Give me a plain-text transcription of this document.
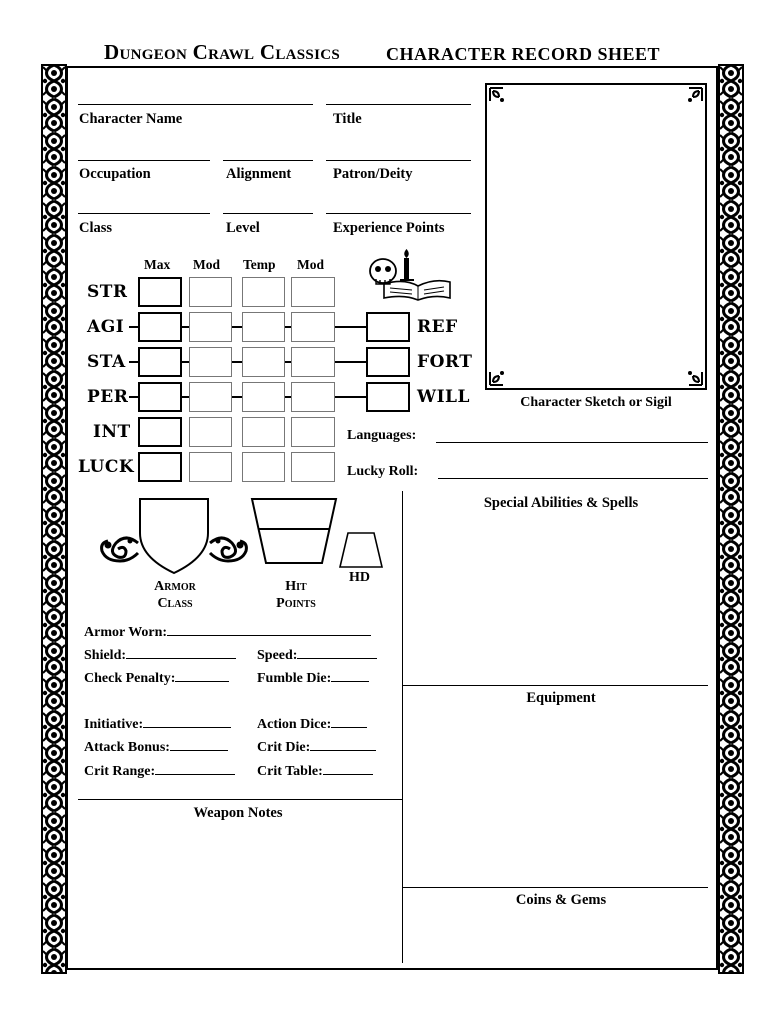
Dungeon Crawl Classics	CHARACTER RECORD SHEET
Character Name	Title
Occupation	Alignment	Patron/Deity
Class	Level	Experience Points
Character Sketch or Sigil
Max Mod Temp Mod
STR
AGI	REF
STA	FORT
PER	WILL
INT
LUCK
Languages:
Lucky Roll:
Armor
Class
Hit
Points
HD
Armor Worn:
Shield:	Speed:
Check Penalty:	Fumble Die:
Initiative:	Action Dice:
Attack Bonus:	Crit Die:
Crit Range:	Crit Table:
Special Abilities & Spells
Equipment
Coins & Gems
Weapon Notes
